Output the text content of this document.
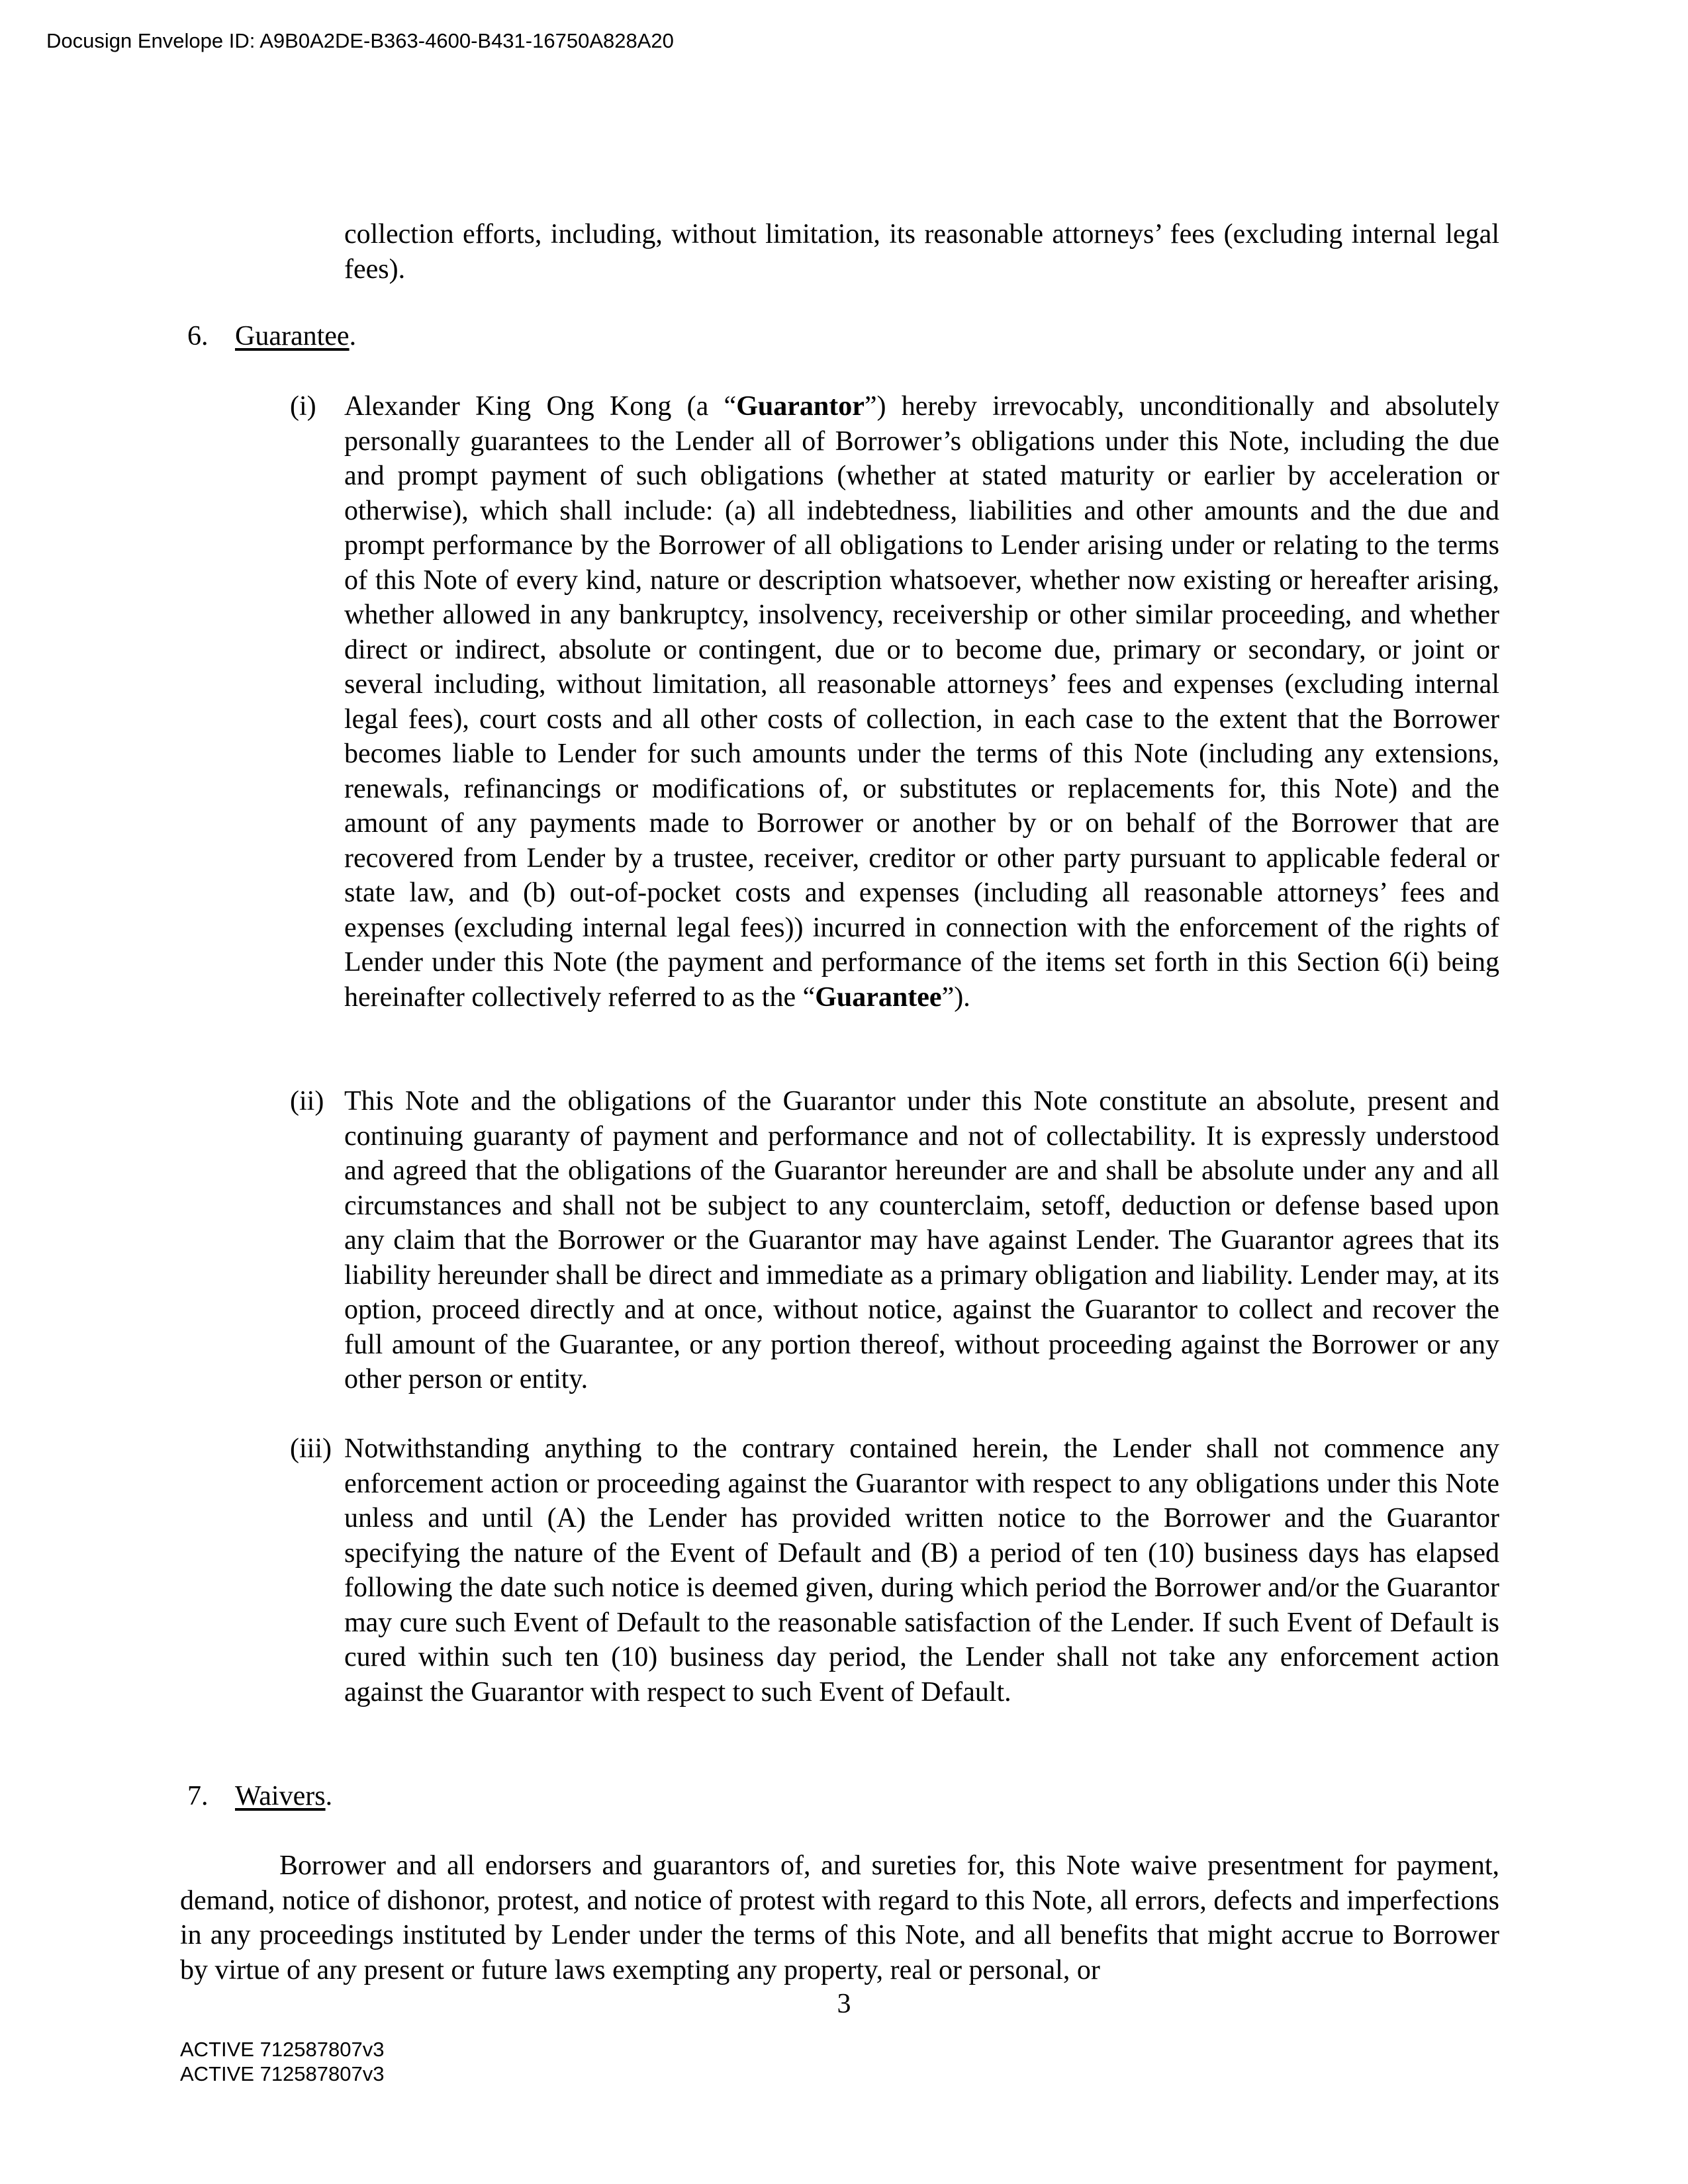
Docusign Envelope ID: A9B0A2DE-B363-4600-B431-16750A828A20
collection efforts, including, without limitation, its reasonable attorneys’ fees (excluding internal legal fees).
6. Guarantee.
(i) Alexander King Ong Kong (a “Guarantor”) hereby irrevocably, unconditionally and absolutely personally guarantees to the Lender all of Borrower’s obligations under this Note, including the due and prompt payment of such obligations (whether at stated maturity or earlier by acceleration or otherwise), which shall include: (a) all indebtedness, liabilities and other amounts and the due and prompt performance by the Borrower of all obligations to Lender arising under or relating to the terms of this Note of every kind, nature or description whatsoever, whether now existing or hereafter arising, whether allowed in any bankruptcy, insolvency, receivership or other similar proceeding, and whether direct or indirect, absolute or contingent, due or to become due, primary or secondary, or joint or several including, without limitation, all reasonable attorneys’ fees and expenses (excluding internal legal fees), court costs and all other costs of collection, in each case to the extent that the Borrower becomes liable to Lender for such amounts under the terms of this Note (including any extensions, renewals, refinancings or modifications of, or substitutes or replacements for, this Note) and the amount of any payments made to Borrower or another by or on behalf of the Borrower that are recovered from Lender by a trustee, receiver, creditor or other party pursuant to applicable federal or state law, and (b) out-of-pocket costs and expenses (including all reasonable attorneys’ fees and expenses (excluding internal legal fees)) incurred in connection with the enforcement of the rights of Lender under this Note (the payment and performance of the items set forth in this Section 6(i) being hereinafter collectively referred to as the “Guarantee”).
(ii) This Note and the obligations of the Guarantor under this Note constitute an absolute, present and continuing guaranty of payment and performance and not of collectability. It is expressly understood and agreed that the obligations of the Guarantor hereunder are and shall be absolute under any and all circumstances and shall not be subject to any counterclaim, setoff, deduction or defense based upon any claim that the Borrower or the Guarantor may have against Lender. The Guarantor agrees that its liability hereunder shall be direct and immediate as a primary obligation and liability. Lender may, at its option, proceed directly and at once, without notice, against the Guarantor to collect and recover the full amount of the Guarantee, or any portion thereof, without proceeding against the Borrower or any other person or entity.
(iii) Notwithstanding anything to the contrary contained herein, the Lender shall not commence any enforcement action or proceeding against the Guarantor with respect to any obligations under this Note unless and until (A) the Lender has provided written notice to the Borrower and the Guarantor specifying the nature of the Event of Default and (B) a period of ten (10) business days has elapsed following the date such notice is deemed given, during which period the Borrower and/or the Guarantor may cure such Event of Default to the reasonable satisfaction of the Lender. If such Event of Default is cured within such ten (10) business day period, the Lender shall not take any enforcement action against the Guarantor with respect to such Event of Default.
7. Waivers.
Borrower and all endorsers and guarantors of, and sureties for, this Note waive presentment for payment, demand, notice of dishonor, protest, and notice of protest with regard to this Note, all errors, defects and imperfections in any proceedings instituted by Lender under the terms of this Note, and all benefits that might accrue to Borrower by virtue of any present or future laws exempting any property, real or personal, or
3
ACTIVE 712587807v3
ACTIVE 712587807v3
